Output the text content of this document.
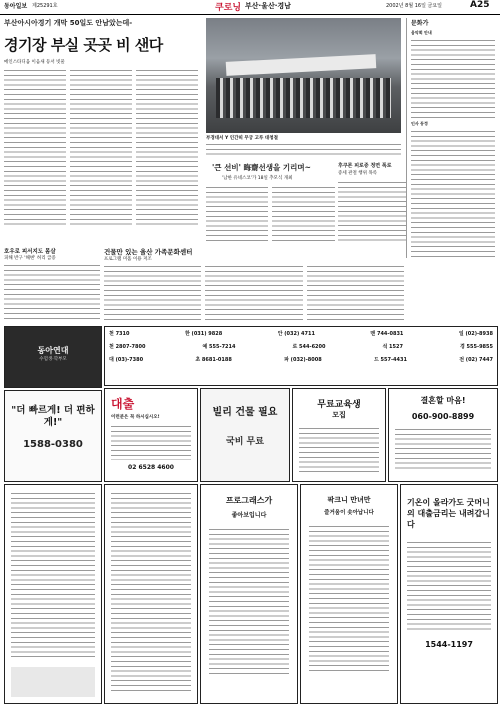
동아일보 제25291호	쿠로닝 부산·울산·경남	2002년 8월 16일 금요일	A25
부산아시아경기 개막 50일도 안남았는데-
경기장 부실 곳곳 비 샌다
메인스타디움 이음새 등서 빗물
부경대서 Y 인간띠 무궁 고루 대청절
'큰 선비' 晦齋선생을 기리며~
'남한 유네스코'가 18일 추모식 개최
후쿠론 피로증 정면 폭로
증세 관철 행위 목록
문화가
음악회 안내
인사 동정
호우로 피서지도 몸살
피해 반구 '해변' 허리 급증
건물만 있는 울산 가족문화센터
프로그램 미흡 이용 저조
동아연대
수험생·학부모
천 7310	한 (031) 9828	안 (032) 4711	맨 744-0831	일 (02)-8938
천 2807-7800	예 555-7214	로 544-6200	석 1527	경 555-9855
대 (03)-7380	초 8681-0188	파 (032)-8008	드 557-4431	전 (02) 7447
빌리 건물 필요
국비 무료
무료교육생
모집
결혼할 마음!
060-900-8899
"더 빠르게! 더 편하게!"
1588-0380
대출
이런분은 꼭 하시십시오!
02 6528 4600
프로그래스가
좋아보입니다
팍크니 만녀만
즐거움이 솟아납니다
기온이 올라가도 굿머니의 대출금리는 내려갑니다
1544-1197
